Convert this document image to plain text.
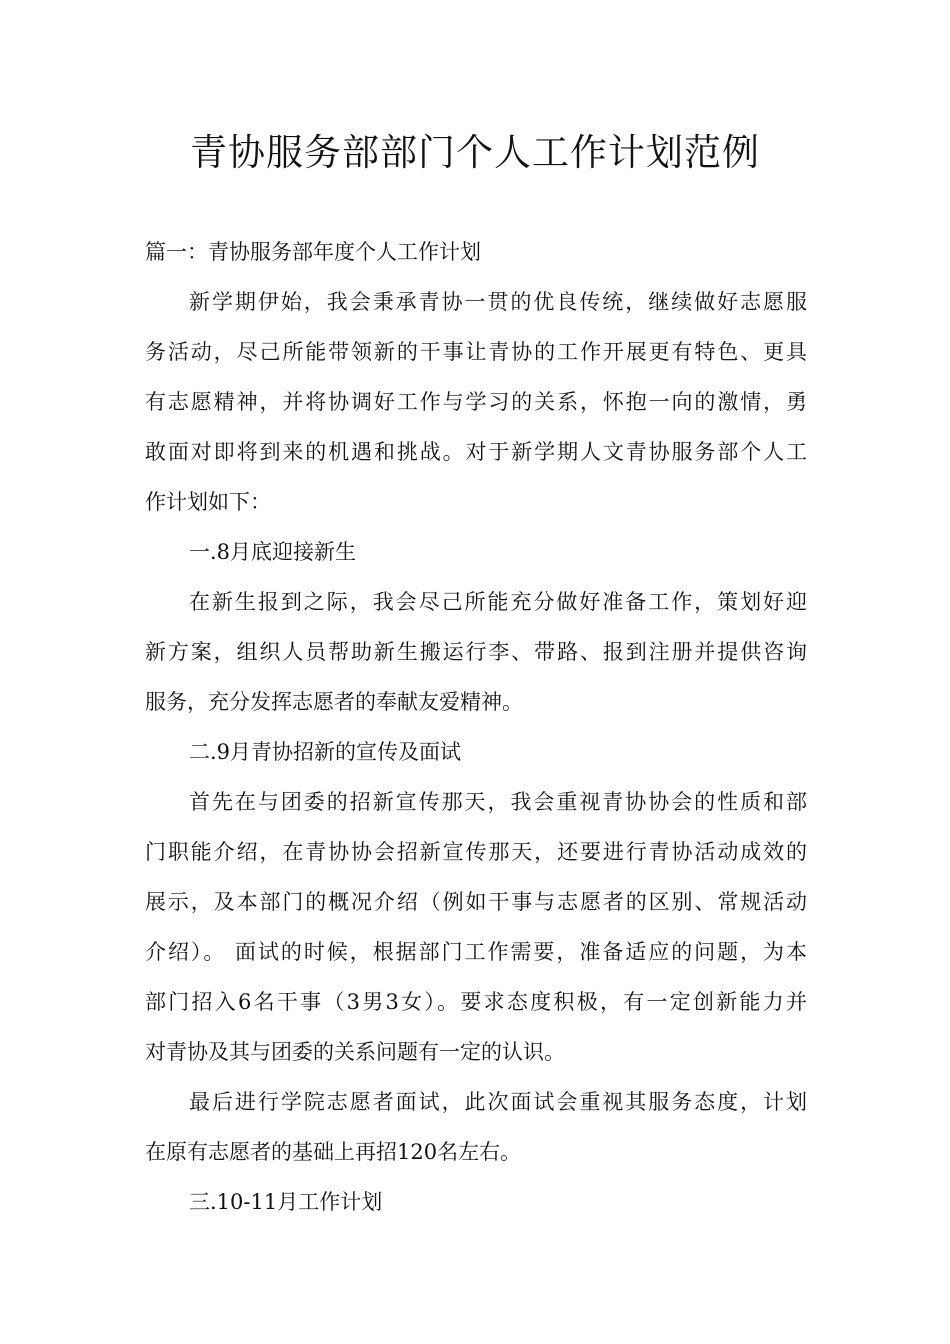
青协服务部部门个人工作计划范例

篇一：青协服务部年度个人工作计划

新学期伊始，我会秉承青协一贯的优良传统，继续做好志愿服

务活动，尽己所能带领新的干事让青协的工作开展更有特色、更具

有志愿精神，并将协调好工作与学习的关系，怀抱一向的激情，勇

敢面对即将到来的机遇和挑战。对于新学期人文青协服务部个人工

作计划如下：

一.8月底迎接新生

在新生报到之际，我会尽己所能充分做好准备工作，策划好迎

新方案，组织人员帮助新生搬运行李、带路、报到注册并提供咨询

服务，充分发挥志愿者的奉献友爱精神。

二.9月青协招新的宣传及面试

首先在与团委的招新宣传那天，我会重视青协协会的性质和部

门职能介绍，在青协协会招新宣传那天，还要进行青协活动成效的

展示，及本部门的概况介绍（例如干事与志愿者的区别、常规活动

介绍）。 面试的时候，根据部门工作需要，准备适应的问题，为本

部门招入6名干事（3男3女）。要求态度积极，有一定创新能力并

对青协及其与团委的关系问题有一定的认识。

最后进行学院志愿者面试，此次面试会重视其服务态度，计划

在原有志愿者的基础上再招120名左右。

三.10-11月工作计划
